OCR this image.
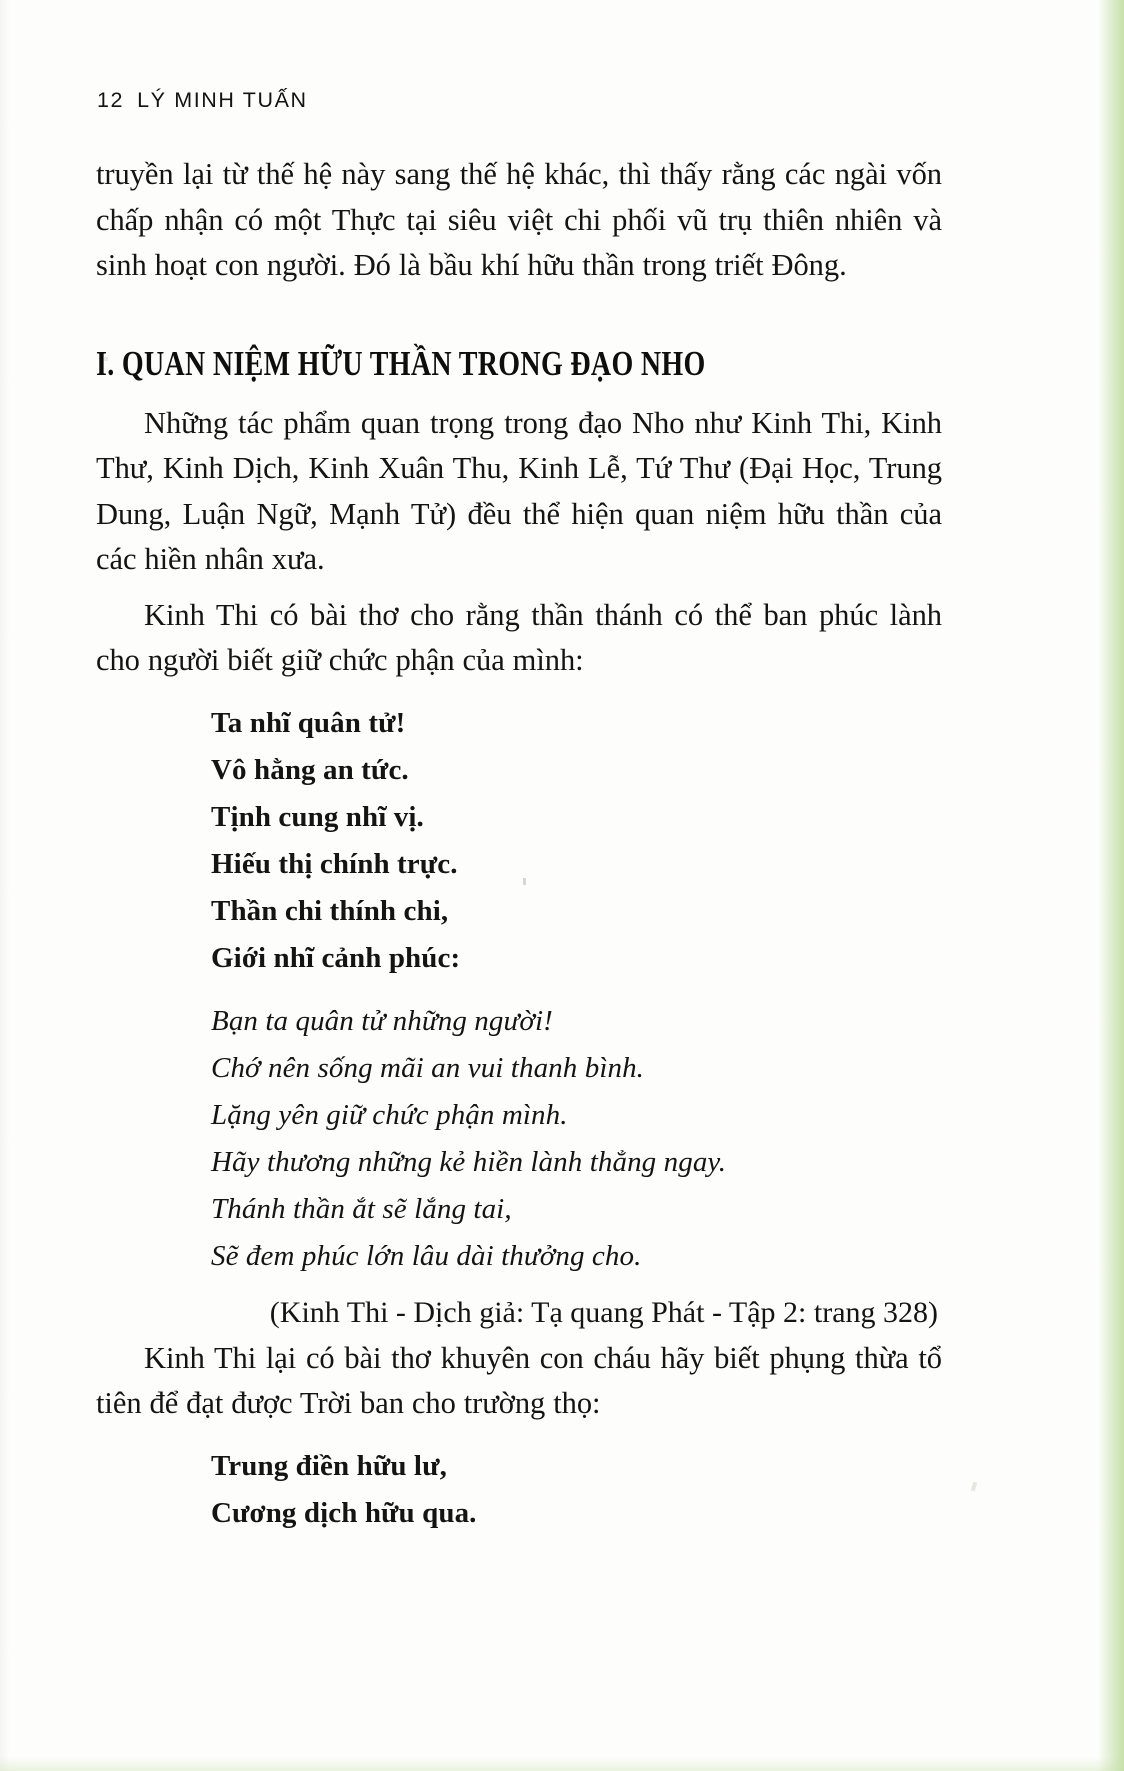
12 LÝ MINH TUẤN

truyền lại từ thế hệ này sang thế hệ khác, thì thấy rằng các ngài vốn chấp nhận có một Thực tại siêu việt chi phối vũ trụ thiên nhiên và sinh hoạt con người. Đó là bầu khí hữu thần trong triết Đông.

I. QUAN NIỆM HỮU THẦN TRONG ĐẠO NHO

Những tác phẩm quan trọng trong đạo Nho như Kinh Thi, Kinh Thư, Kinh Dịch, Kinh Xuân Thu, Kinh Lễ, Tứ Thư (Đại Học, Trung Dung, Luận Ngữ, Mạnh Tử) đều thể hiện quan niệm hữu thần của các hiền nhân xưa.

Kinh Thi có bài thơ cho rằng thần thánh có thể ban phúc lành cho người biết giữ chức phận của mình:

Ta nhĩ quân tử!
Vô hằng an tức.
Tịnh cung nhĩ vị.
Hiếu thị chính trực.
Thần chi thính chi,
Giới nhĩ cảnh phúc:
Bạn ta quân tử những người!
Chớ nên sống mãi an vui thanh bình.
Lặng yên giữ chức phận mình.
Hãy thương những kẻ hiền lành thẳng ngay.
Thánh thần ắt sẽ lắng tai,
Sẽ đem phúc lớn lâu dài thưởng cho.
(Kinh Thi - Dịch giả: Tạ quang Phát - Tập 2: trang 328)

Kinh Thi lại có bài thơ khuyên con cháu hãy biết phụng thừa tổ tiên để đạt được Trời ban cho trường thọ:

Trung điền hữu lư,
Cương dịch hữu qua.
